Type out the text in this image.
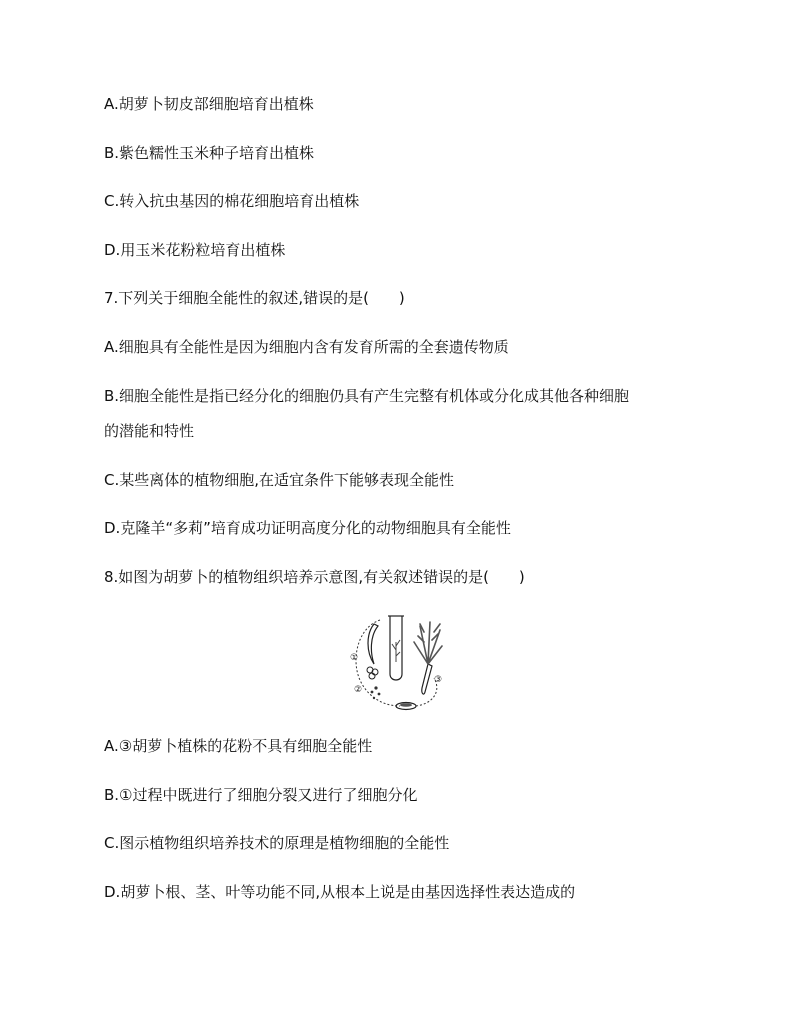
A.胡萝卜韧皮部细胞培育出植株

B.紫色糯性玉米种子培育出植株

C.转入抗虫基因的棉花细胞培育出植株

D.用玉米花粉粒培育出植株

7.下列关于细胞全能性的叙述,错误的是(　　)

A.细胞具有全能性是因为细胞内含有发育所需的全套遗传物质

B.细胞全能性是指已经分化的细胞仍具有产生完整有机体或分化成其他各种细胞

的潜能和特性

C.某些离体的植物细胞,在适宜条件下能够表现全能性

D.克隆羊“多莉”培育成功证明高度分化的动物细胞具有全能性

8.如图为胡萝卜的植物组织培养示意图,有关叙述错误的是(　　)

①
②
③

A.③胡萝卜植株的花粉不具有细胞全能性

B.①过程中既进行了细胞分裂又进行了细胞分化

C.图示植物组织培养技术的原理是植物细胞的全能性

D.胡萝卜根、茎、叶等功能不同,从根本上说是由基因选择性表达造成的
